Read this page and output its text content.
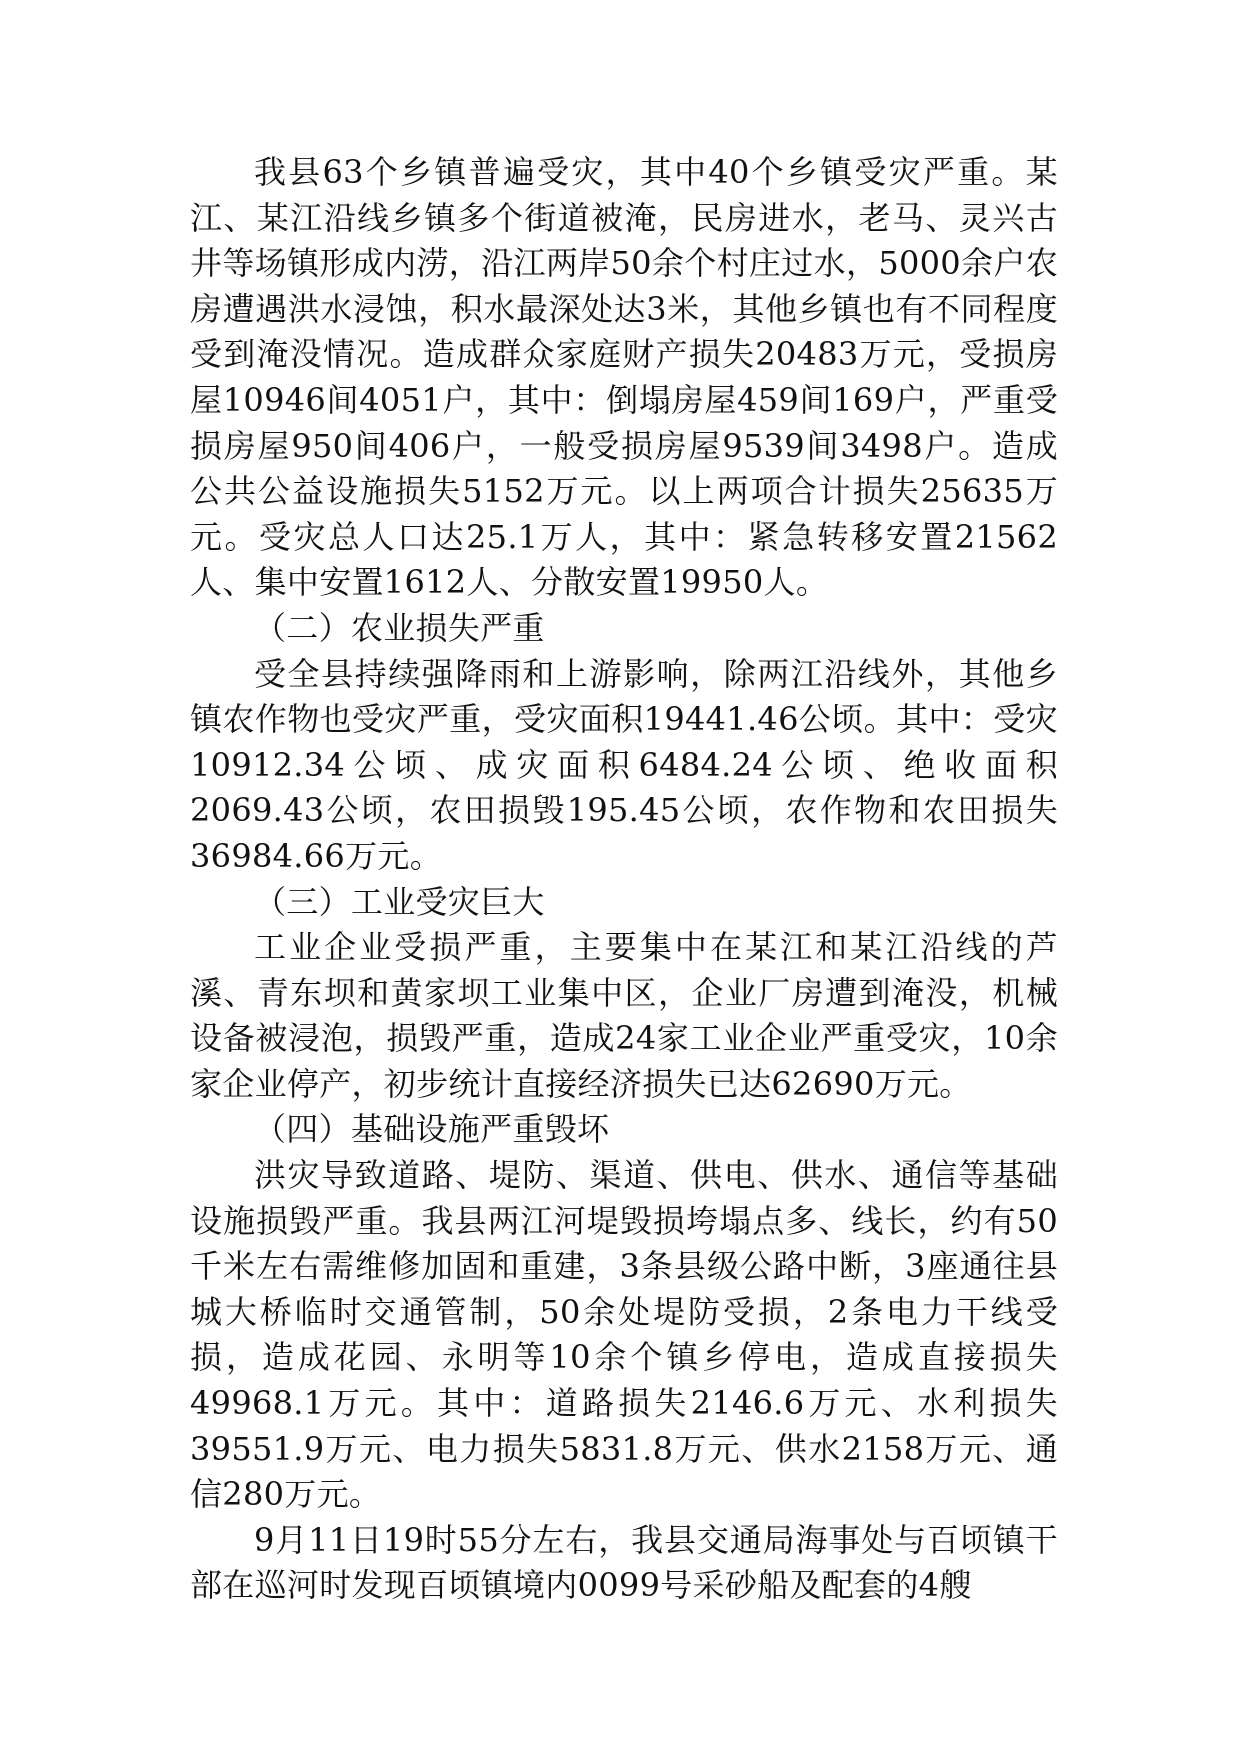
我县63个乡镇普遍受灾，其中40个乡镇受灾严重。某江、某江沿线乡镇多个街道被淹，民房进水，老马、灵兴古井等场镇形成内涝，沿江两岸50余个村庄过水，5000余户农房遭遇洪水浸蚀，积水最深处达3米，其他乡镇也有不同程度受到淹没情况。造成群众家庭财产损失20483万元，受损房屋10946间4051户，其中：倒塌房屋459间169户，严重受损房屋950间406户，一般受损房屋9539间3498户。造成公共公益设施损失5152万元。以上两项合计损失25635万元。受灾总人口达25.1万人，其中：紧急转移安置21562人、集中安置1612人、分散安置19950人。

（二）农业损失严重

受全县持续强降雨和上游影响，除两江沿线外，其他乡镇农作物也受灾严重，受灾面积19441.46公顷。其中：受灾10912.34公顷、成灾面积6484.24公顷、绝收面积2069.43公顷，农田损毁195.45公顷，农作物和农田损失36984.66万元。

（三）工业受灾巨大

工业企业受损严重，主要集中在某江和某江沿线的芦溪、青东坝和黄家坝工业集中区，企业厂房遭到淹没，机械设备被浸泡，损毁严重，造成24家工业企业严重受灾，10余家企业停产，初步统计直接经济损失已达62690万元。

（四）基础设施严重毁坏

洪灾导致道路、堤防、渠道、供电、供水、通信等基础设施损毁严重。我县两江河堤毁损垮塌点多、线长，约有50千米左右需维修加固和重建，3条县级公路中断，3座通往县城大桥临时交通管制，50余处堤防受损，2条电力干线受损，造成花园、永明等10余个镇乡停电，造成直接损失49968.1万元。其中：道路损失2146.6万元、水利损失39551.9万元、电力损失5831.8万元、供水2158万元、通信280万元。

9月11日19时55分左右，我县交通局海事处与百顷镇干部在巡河时发现百顷镇境内0099号采砂船及配套的4艘
